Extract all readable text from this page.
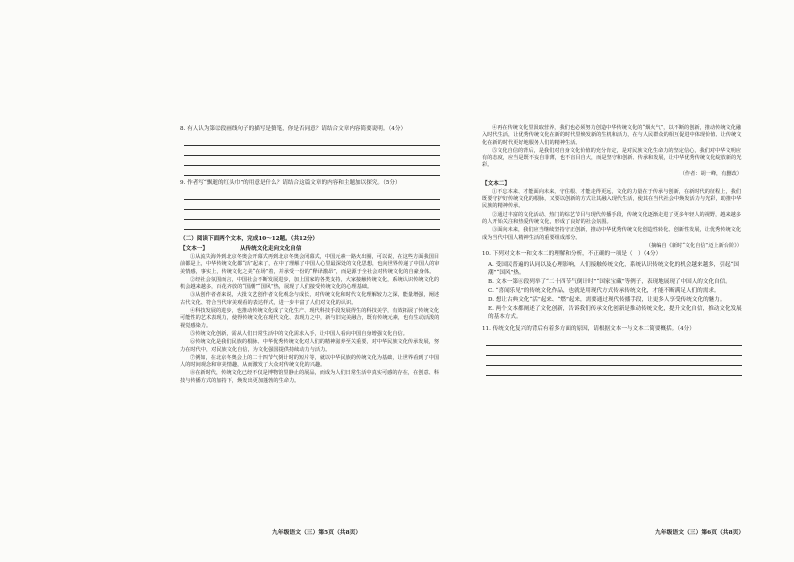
8. 有人认为第⑫段画线句子的描写是赘笔，你是否同意？请结合文章内容简要说明。（4分）
9. 作者写“飘逝的红头巾”的用意是什么？请结合这篇文章的内容和主题加以探究。（5分）
（二）阅读下面两个文本，完成10～12题。（共12分）
【文本一】	从传统文化走向文化自信
①从流失海外到北京冬奥会开幕式再到北京冬奥会闭幕式，中国元素一路火出圈，可以说，在这些方面我国目前都是上，中华传统文化都“活”起来了，在中了理解了中国人心里最深处的文化思想，也向世界传递了中国人的审美情感，事实上，传统文化之美“在场”着，并承受一份的“释译激昂”，而是源于全社会对传统文化的自豪身体。
②经社会氛围而言，中国社会不断发展进步，加上国家的各类支持，大家接触传统文化，系统认识传统文化的机会越来越多，百花齐放的“国潮”“国风”热，展现了人们接受传统文化的心理基础。
③从创作者者来说，大批文艺创作者文化观念与成长，对传统文化和时代文化理解较力之深，能量增强，阐述古代文化、符合当代审美观看的表达样式，进一步丰富了人们对文化的认识。
④科技发展的进步，也推动传统文化成了文化生产、现代科技手段发展得生的科技美学，有效拓展了传统文化可能性的艺术表现力，使得传统文化在现代文化、表现力之中，新与旧完美融合，既有传统元素，也有生动活泼的视觉感染力。
⑤传统文化创新，需从人们日常生活中的文化需求入手，让中国人看向中国自身增强文化自信。
⑥传统文化是我们民族的根脉、中华优秀传统文化对人们的精神滋养至关重要，对中华民族文化传承发展，努力在时代中，对民族文化自信，为文化强国提供持续动力与活力。
⑦例如，在北京冬奥会上的二十四节气倒计时的短片等，就以中华民族的传统文化为基础，让世界看到了中国人的时间观念和审美情趣，从而激发了大众对传统文化的兴趣。
⑧在新时代，传统文化已经不仅是博物馆里静止的展品，而成为人们日常生活中真实可感的存在，在创意、科技与传播方式的加持下，焕发出更加蓬勃的生命力。
九年级语文（三）第5页（共8页）
④再在传统文化里汲取营养，我们也必须努力创造中华传统文化的“烟火气”，以不断的创新，推动传统文化融入时代生活，让优秀传统文化在新的时代里焕发新的生机和活力，在与人民群众的相互促进中体现价值、让传统文化在新的时代更好地服务人们的精神生活。
⑤文化自信的背后，是我们对自身文化价值的充分肯定，是对民族文化生命力的坚定信心，我们对中华文明应有的态度，应当是既不妄自菲薄，也不盲目自大，而是坚守和创新、传承和发展，让中华优秀传统文化绽放新的光彩。
（作者：胡一峰，有删改）
【文本二】
①不忘本来、才能面向未来，守住根、才能走得更远，文化的力量在于传承与创新，在新时代的征程上，我们既要守护好传统文化的根脉，又要以创新的方式让其融入现代生活，使其在当代社会中焕发活力与光彩，助推中华民族的精神传承。
②通过丰富的文化活动、热门的综艺节目与现代传播手段，传统文化逐渐走进了更多年轻人的视野，越来越多的人开始关注和热爱传统文化，形成了良好的社会氛围。
③面向未来，我们应当继续坚持守正创新，推动中华优秀传统文化创造性转化、创新性发展，让优秀传统文化成为当代中国人精神生活的重要组成部分。
（摘编自《新时“文化自信”迈上新台阶》）
10. 下列对文本一和文本二的理解和分析，不正确的一项是（　）（4分）
A. 受国民普遍的认同以及心理影响，人们接触传统文化，系统认识传统文化的机会越来越多，引起“国潮”“国风”热。
B. 文本一第⑥段列举了“二十四节气倒计时”“国家宝藏”等例子，表现地展现了中国人的文化自信。
C. “喜闻乐见”的传统文化作品，也就是用现代方式传承传统文化，才能不断满足人们的需求。
D. 想让古典文化“活”起来、“燃”起来，需要通过现代传播手段，让更多人享受传统文化的魅力。
E. 两个文本都阐述了文化创新，告诉我们传承文化创新是推动传统文化，提升文化自信，推动文化发展的基本方式。
11. 传统文化复兴的背后有着多方面的原因，请根据文本一与文本二简要概括。（4分）
九年级语文（三）第6页（共8页）
